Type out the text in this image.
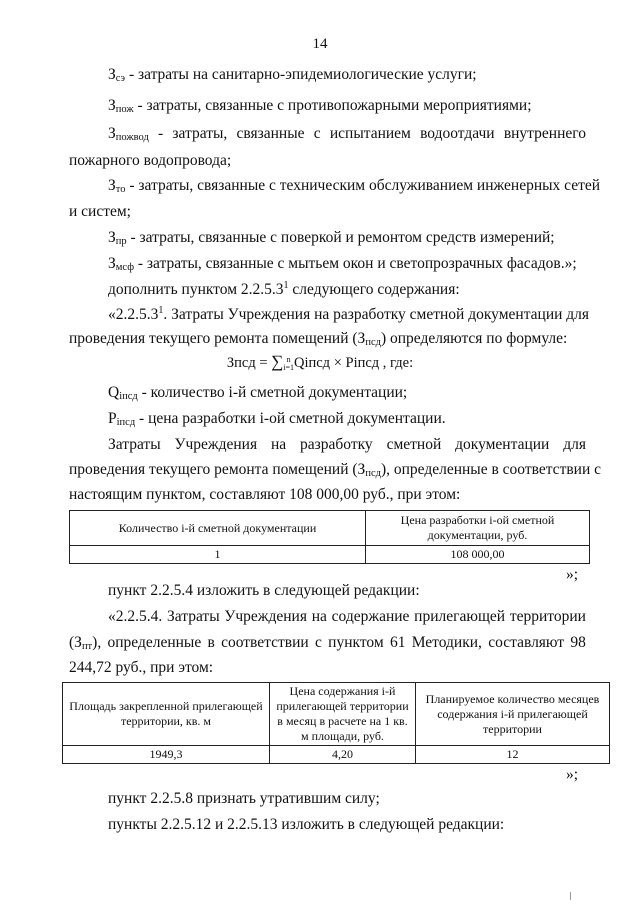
14
Зсэ - затраты на санитарно-эпидемиологические услуги;
Зпож - затраты, связанные с противопожарными мероприятиями;
Зпожвод - затраты, связанные с испытанием водоотдачи внутреннего
пожарного водопровода;
Зто - затраты, связанные с техническим обслуживанием инженерных сетей
и систем;
Зпр - затраты, связанные с поверкой и ремонтом средств измерений;
Змсф - затраты, связанные с мытьем окон и светопрозрачных фасадов.»;
дополнить пунктом 2.2.5.3$^1$ следующего содержания:
«2.2.5.3$^1$. Затраты Учреждения на разработку сметной документации для
проведения текущего ремонта помещений (Зпсд) определяются по формуле:
Зпсд = ∑ n
i=1Qiпсд × Piпсд , где:
Qiпсд - количество i-й сметной документации;
Piпсд - цена разработки i-ой сметной документации.
Затраты Учреждения на разработку сметной документации для
проведения текущего ремонта помещений (Зпсд), определенные в соответствии с
настоящим пунктом, составляют 108 000,00 руб., при этом:
Количество i-й сметной документации	Цена разработки i-ой сметной документации, руб.
1	108 000,00
»;
пункт 2.2.5.4 изложить в следующей редакции:
«2.2.5.4. Затраты Учреждения на содержание прилегающей территории
(Зпт), определенные в соответствии с пунктом 61 Методики, составляют 98
244,72 руб., при этом:
Площадь закрепленной прилегающей территории, кв. м	Цена содержания i-й прилегающей территории в месяц в расчете на 1 кв. м площади, руб.	Планируемое количество месяцев содержания i-й прилегающей территории
1949,3	4,20	12
»;
пункт 2.2.5.8 признать утратившим силу;
пункты 2.2.5.12 и 2.2.5.13 изложить в следующей редакции:
